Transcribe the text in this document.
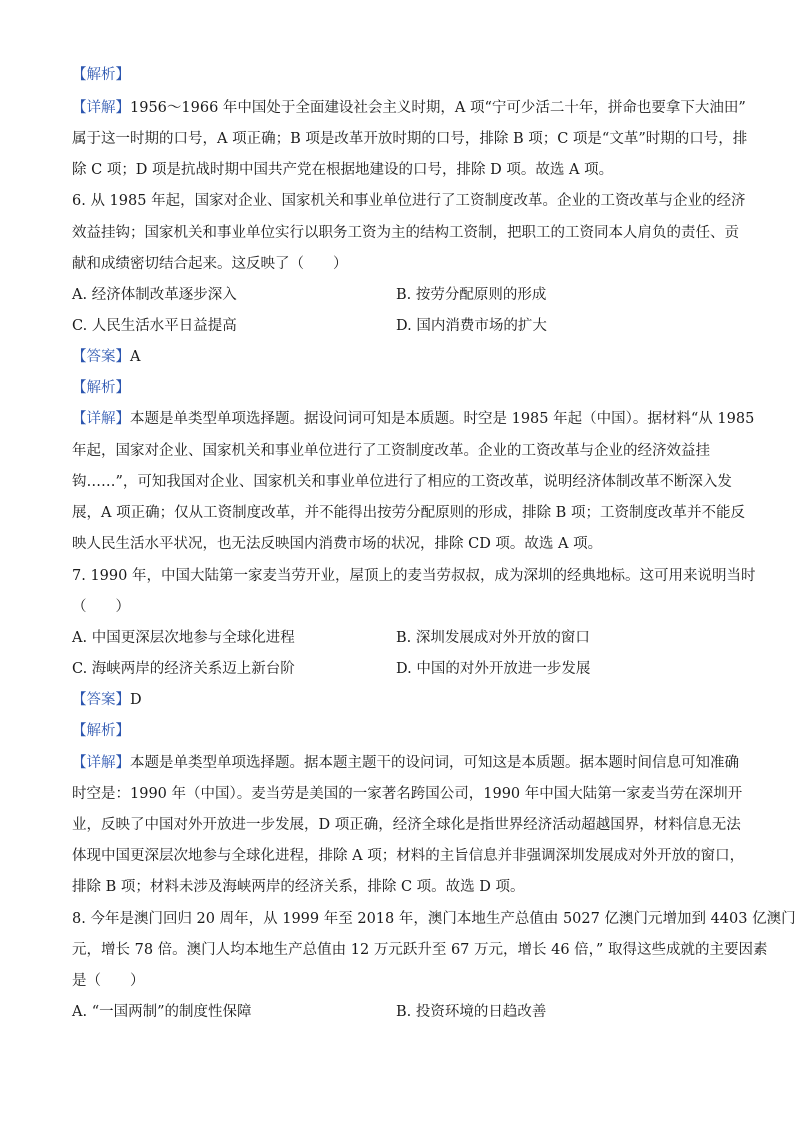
【解析】
【详解】1956～1966 年中国处于全面建设社会主义时期，A 项“宁可少活二十年，拼命也要拿下大油田”
属于这一时期的口号，A 项正确；B 项是改革开放时期的口号，排除 B 项；C 项是“文革”时期的口号，排
除 C 项；D 项是抗战时期中国共产党在根据地建设的口号，排除 D 项。故选 A 项。
6. 从 1985 年起，国家对企业、国家机关和事业单位进行了工资制度改革。企业的工资改革与企业的经济
效益挂钩；国家机关和事业单位实行以职务工资为主的结构工资制，把职工的工资同本人肩负的责任、贡
献和成绩密切结合起来。这反映了（　　）
A. 经济体制改革逐步深入	B. 按劳分配原则的形成
C. 人民生活水平日益提高	D. 国内消费市场的扩大
【答案】A
【解析】
【详解】本题是单类型单项选择题。据设问词可知是本质题。时空是 1985 年起（中国）。据材料“从 1985
年起，国家对企业、国家机关和事业单位进行了工资制度改革。企业的工资改革与企业的经济效益挂
钩……”，可知我国对企业、国家机关和事业单位进行了相应的工资改革，说明经济体制改革不断深入发
展，A 项正确；仅从工资制度改革，并不能得出按劳分配原则的形成，排除 B 项；工资制度改革并不能反
映人民生活水平状况，也无法反映国内消费市场的状况，排除 CD 项。故选 A 项。
7. 1990 年，中国大陆第一家麦当劳开业，屋顶上的麦当劳叔叔，成为深圳的经典地标。这可用来说明当时
（　　）
A. 中国更深层次地参与全球化进程	B. 深圳发展成对外开放的窗口
C. 海峡两岸的经济关系迈上新台阶	D. 中国的对外开放进一步发展
【答案】D
【解析】
【详解】本题是单类型单项选择题。据本题主题干的设问词，可知这是本质题。据本题时间信息可知准确
时空是：1990 年（中国）。麦当劳是美国的一家著名跨国公司，1990 年中国大陆第一家麦当劳在深圳开
业，反映了中国对外开放进一步发展，D 项正确，经济全球化是指世界经济活动超越国界，材料信息无法
体现中国更深层次地参与全球化进程，排除 A 项；材料的主旨信息并非强调深圳发展成对外开放的窗口，
排除 B 项；材料未涉及海峡两岸的经济关系，排除 C 项。故选 D 项。
8. 今年是澳门回归 20 周年，从 1999 年至 2018 年，澳门本地生产总值由 5027 亿澳门元增加到 4403 亿澳门
元，增长 78 倍。澳门人均本地生产总值由 12 万元跃升至 67 万元，增长 46 倍，” 取得这些成就的主要因素
是（　　）
A. “一国两制”的制度性保障	B. 投资环境的日趋改善
